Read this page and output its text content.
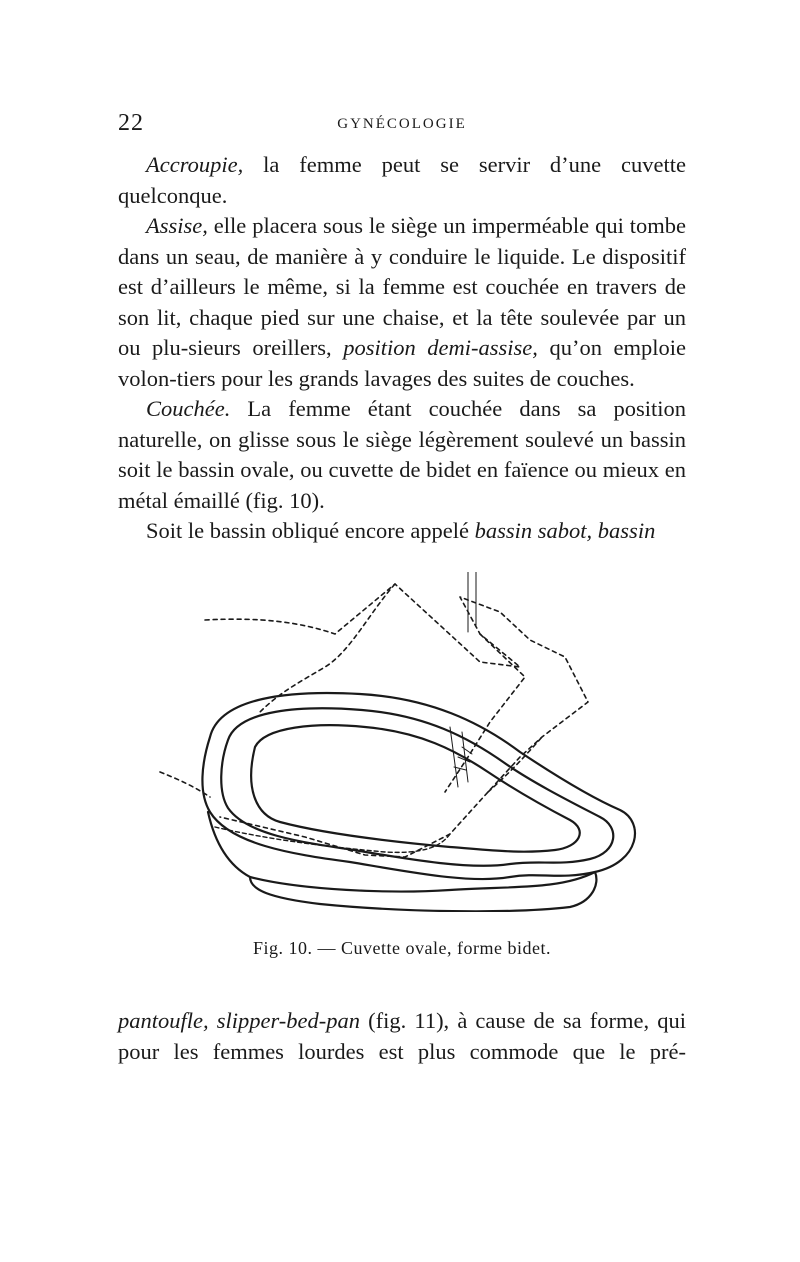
22	GYNÉCOLOGIE

Accroupie, la femme peut se servir d’une cuvette quelconque.

Assise, elle placera sous le siège un imperméable qui tombe dans un seau, de manière à y conduire le liquide. Le dispositif est d’ailleurs le même, si la femme est couchée en travers de son lit, chaque pied sur une chaise, et la tête soulevée par un ou plu-sieurs oreillers, position demi-assise, qu’on emploie volon-tiers pour les grands lavages des suites de couches.

Couchée. La femme étant couchée dans sa position naturelle, on glisse sous le siège légèrement soulevé un bassin soit le bassin ovale, ou cuvette de bidet en faïence ou mieux en métal émaillé (fig. 10).

Soit le bassin obliqué encore appelé bassin sabot, bassin

Fig. 10. — Cuvette ovale, forme bidet.

pantoufle, slipper-bed-pan (fig. 11), à cause de sa forme, qui

pour les femmes lourdes est plus commode que le pré-
